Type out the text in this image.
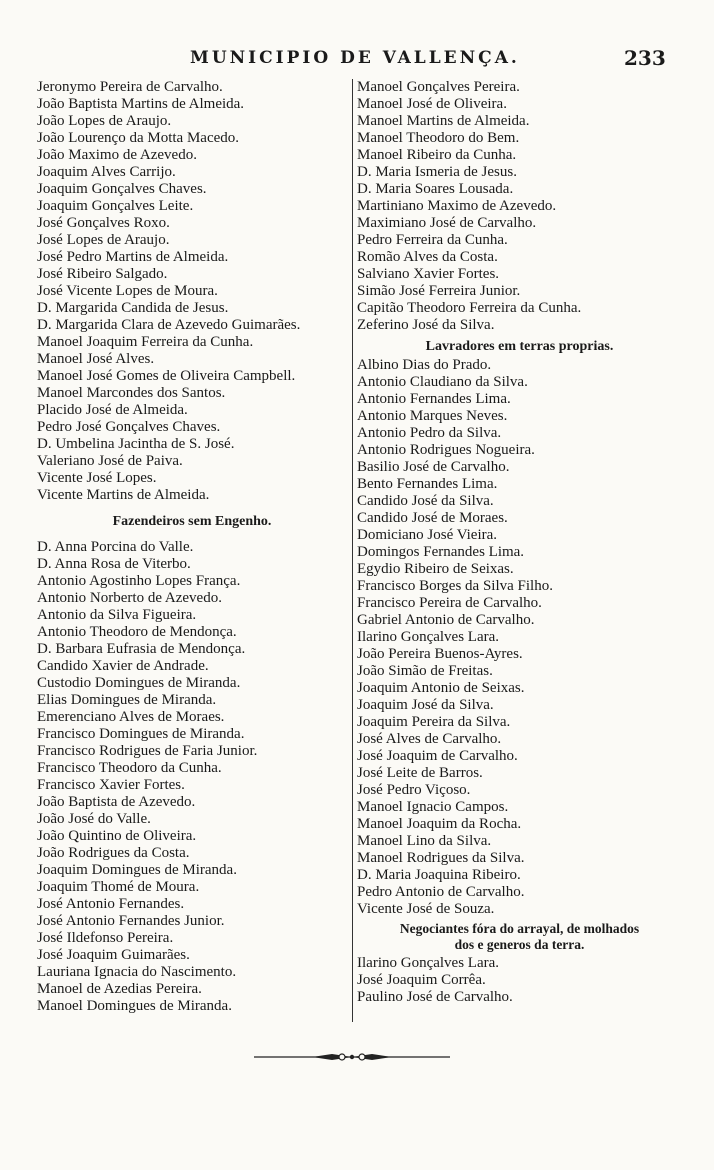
MUNICIPIO DE VALLENÇA.	233
Jeronymo Pereira de Carvalho.
João Baptista Martins de Almeida.
João Lopes de Araujo.
João Lourenço da Motta Macedo.
João Maximo de Azevedo.
Joaquim Alves Carrijo.
Joaquim Gonçalves Chaves.
Joaquim Gonçalves Leite.
José Gonçalves Roxo.
José Lopes de Araujo.
José Pedro Martins de Almeida.
José Ribeiro Salgado.
José Vicente Lopes de Moura.
D. Margarida Candida de Jesus.
D. Margarida Clara de Azevedo Guimarães.
Manoel Joaquim Ferreira da Cunha.
Manoel José Alves.
Manoel José Gomes de Oliveira Campbell.
Manoel Marcondes dos Santos.
Placido José de Almeida.
Pedro José Gonçalves Chaves.
D. Umbelina Jacintha de S. José.
Valeriano José de Paiva.
Vicente José Lopes.
Vicente Martins de Almeida.
Fazendeiros sem Engenho.
D. Anna Porcina do Valle.
D. Anna Rosa de Viterbo.
Antonio Agostinho Lopes França.
Antonio Norberto de Azevedo.
Antonio da Silva Figueira.
Antonio Theodoro de Mendonça.
D. Barbara Eufrasia de Mendonça.
Candido Xavier de Andrade.
Custodio Domingues de Miranda.
Elias Domingues de Miranda.
Emerenciano Alves de Moraes.
Francisco Domingues de Miranda.
Francisco Rodrigues de Faria Junior.
Francisco Theodoro da Cunha.
Francisco Xavier Fortes.
João Baptista de Azevedo.
João José do Valle.
João Quintino de Oliveira.
João Rodrigues da Costa.
Joaquim Domingues de Miranda.
Joaquim Thomé de Moura.
José Antonio Fernandes.
José Antonio Fernandes Junior.
José Ildefonso Pereira.
José Joaquim Guimarães.
Lauriana Ignacia do Nascimento.
Manoel de Azedias Pereira.
Manoel Domingues de Miranda.
Manoel Gonçalves Pereira.
Manoel José de Oliveira.
Manoel Martins de Almeida.
Manoel Theodoro do Bem.
Manoel Ribeiro da Cunha.
D. Maria Ismeria de Jesus.
D. Maria Soares Lousada.
Martiniano Maximo de Azevedo.
Maximiano José de Carvalho.
Pedro Ferreira da Cunha.
Romão Alves da Costa.
Salviano Xavier Fortes.
Simão José Ferreira Junior.
Capitão Theodoro Ferreira da Cunha.
Zeferino José da Silva.
Lavradores em terras proprias.
Albino Dias do Prado.
Antonio Claudiano da Silva.
Antonio Fernandes Lima.
Antonio Marques Neves.
Antonio Pedro da Silva.
Antonio Rodrigues Nogueira.
Basilio José de Carvalho.
Bento Fernandes Lima.
Candido José da Silva.
Candido José de Moraes.
Domiciano José Vieira.
Domingos Fernandes Lima.
Egydio Ribeiro de Seixas.
Francisco Borges da Silva Filho.
Francisco Pereira de Carvalho.
Gabriel Antonio de Carvalho.
Ilarino Gonçalves Lara.
João Pereira Buenos-Ayres.
João Simão de Freitas.
Joaquim Antonio de Seixas.
Joaquim José da Silva.
Joaquim Pereira da Silva.
José Alves de Carvalho.
José Joaquim de Carvalho.
José Leite de Barros.
José Pedro Viçoso.
Manoel Ignacio Campos.
Manoel Joaquim da Rocha.
Manoel Lino da Silva.
Manoel Rodrigues da Silva.
D. Maria Joaquina Ribeiro.
Pedro Antonio de Carvalho.
Vicente José de Souza.
Negociantes fóra do arrayal, de molhados
dos e generos da terra.
Ilarino Gonçalves Lara.
José Joaquim Corrêa.
Paulino José de Carvalho.
